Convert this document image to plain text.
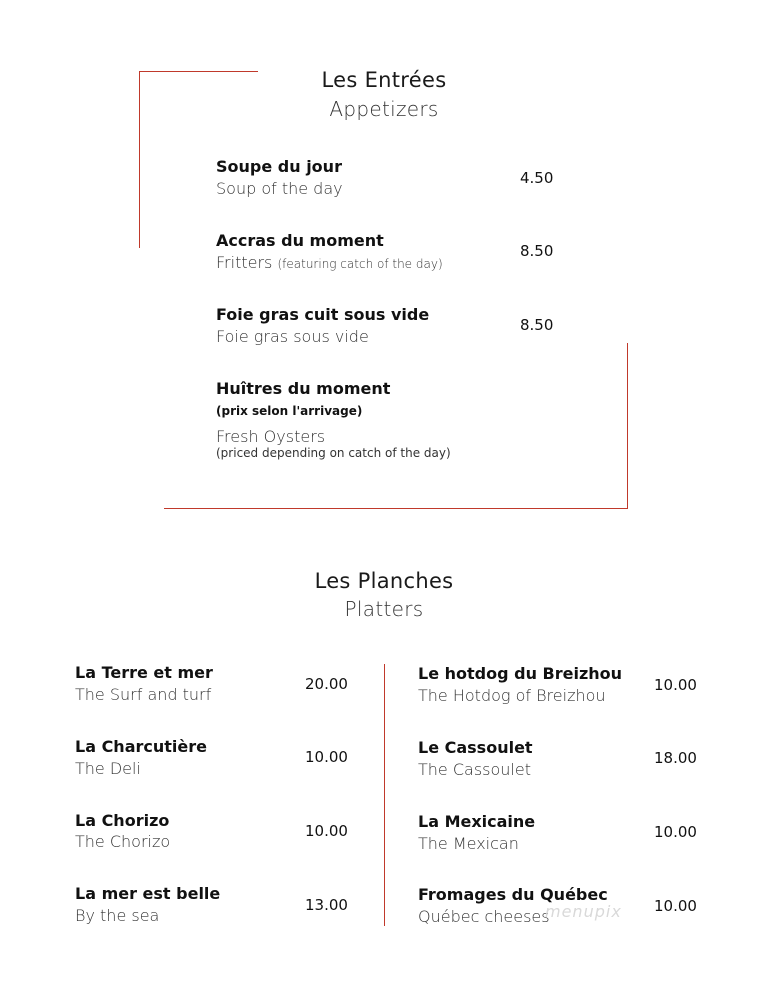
Les Entrées
Appetizers
Soupe du jour
Soup of the day
4.50
Accras du moment
Fritters (featuring catch of the day)
8.50
Foie gras cuit sous vide
Foie gras sous vide
8.50
Huîtres du moment
(prix selon l'arrivage)
Fresh Oysters
(priced depending on catch of the day)
Les Planches
Platters
La Terre et mer
The Surf and turf
20.00
La Charcutière
The Deli
10.00
La Chorizo
The Chorizo
10.00
La mer est belle
By the sea
13.00
Le hotdog du Breizhou
The Hotdog of Breizhou
10.00
Le Cassoulet
The Cassoulet
18.00
La Mexicaine
The Mexican
10.00
Fromages du Québec
Québec cheeses
10.00
menupix
